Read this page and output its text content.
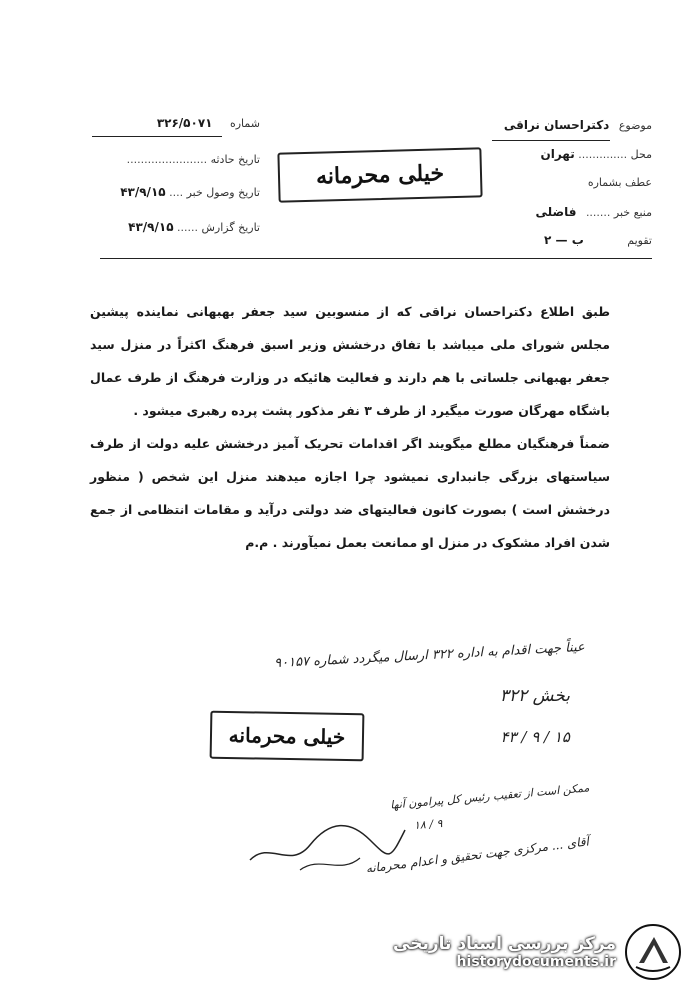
موضوع دکتراحسان نراقی
محل .............. تهران
عطف بشماره
منبع خبر ....... فاضلی
تقویم ب — ۲
شماره ۳۲۶/۵۰۷۱
تاریخ حادثه .......................
تاریخ وصول خبر .... ۴۳/۹/۱۵
تاریخ گزارش ...... ۴۳/۹/۱۵
خیلی محرمانه

طبق اطلاع دکتراحسان نراقی که از منسوبین سید جعفر بهبهانی نماینده پیشین مجلس شورای ملی میباشد با تفاق درخشش وزیر اسبق فرهنگ اکثراً در منزل سید جعفر بهبهانی جلساتی با هم دارند و فعالیت هائیکه در وزارت فرهنگ از طرف عمال باشگاه مهرگان صورت میگیرد از طرف ۳ نفر مذکور پشت پرده رهبری میشود .

ضمناً فرهنگیان مطلع میگویند اگر اقدامات تحریک آمیز درخشش علیه دولت از طرف سیاستهای بزرگی جانبداری نمیشود چرا اجازه میدهند منزل این شخص ( منظور درخشش است ) بصورت کانون فعالیتهای ضد دولتی درآید و مقامات انتظامی از جمع شدن افراد مشکوک در منزل او ممانعت بعمل نمیآورند . م.م

عیناً جهت اقدام به اداره ۳۲۲ ارسال میگردد شماره ۹۰۱۵۷
بخش ۳۲۲
۱۵ / ۹ / ۴۳
خیلی محرمانه
ممکن است از تعقیب رئیس کل پیرامون آنها
۹ / ۱۸
آقای ... مرکزی جهت تحقیق و اعدام محرمانه
مرکز بررسی اسناد تاریخی
historydocuments.ir
